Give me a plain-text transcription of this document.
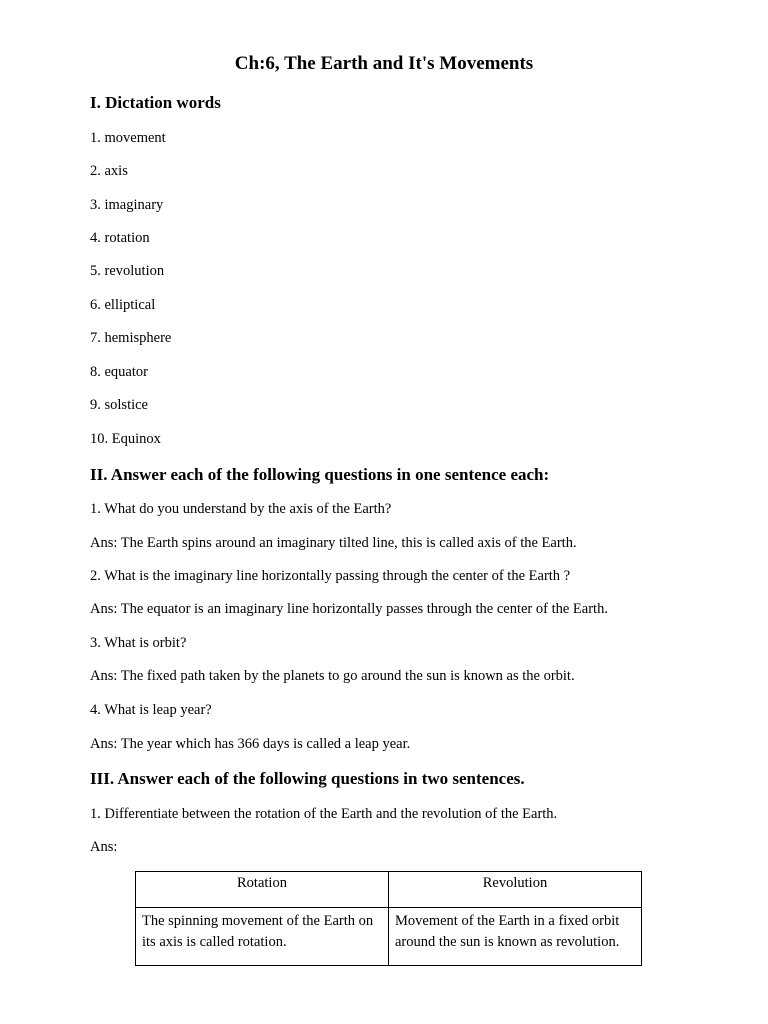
Ch:6, The Earth and It's Movements
I. Dictation words
1. movement
2. axis
3. imaginary
4. rotation
5. revolution
6. elliptical
7. hemisphere
8. equator
9. solstice
10. Equinox
II. Answer each of the following questions in one sentence each:
1. What do you understand by the axis of the Earth?
Ans: The Earth spins around an imaginary tilted line, this is called axis of the Earth.
2. What is the imaginary line horizontally passing through the center of the Earth ?
Ans: The equator is an imaginary line horizontally passes through the center of the Earth.
3. What is orbit?
Ans: The fixed path taken by the planets to go around the sun is known as the orbit.
4. What is leap year?
Ans: The year which has 366 days is called a leap year.
III. Answer each of the following questions in two sentences.
1. Differentiate between the rotation of the Earth and the revolution of the Earth.
Ans:
Rotation	Revolution
The spinning movement of the Earth on its axis is called rotation.	Movement of the Earth in a fixed orbit around the sun is known as revolution.
